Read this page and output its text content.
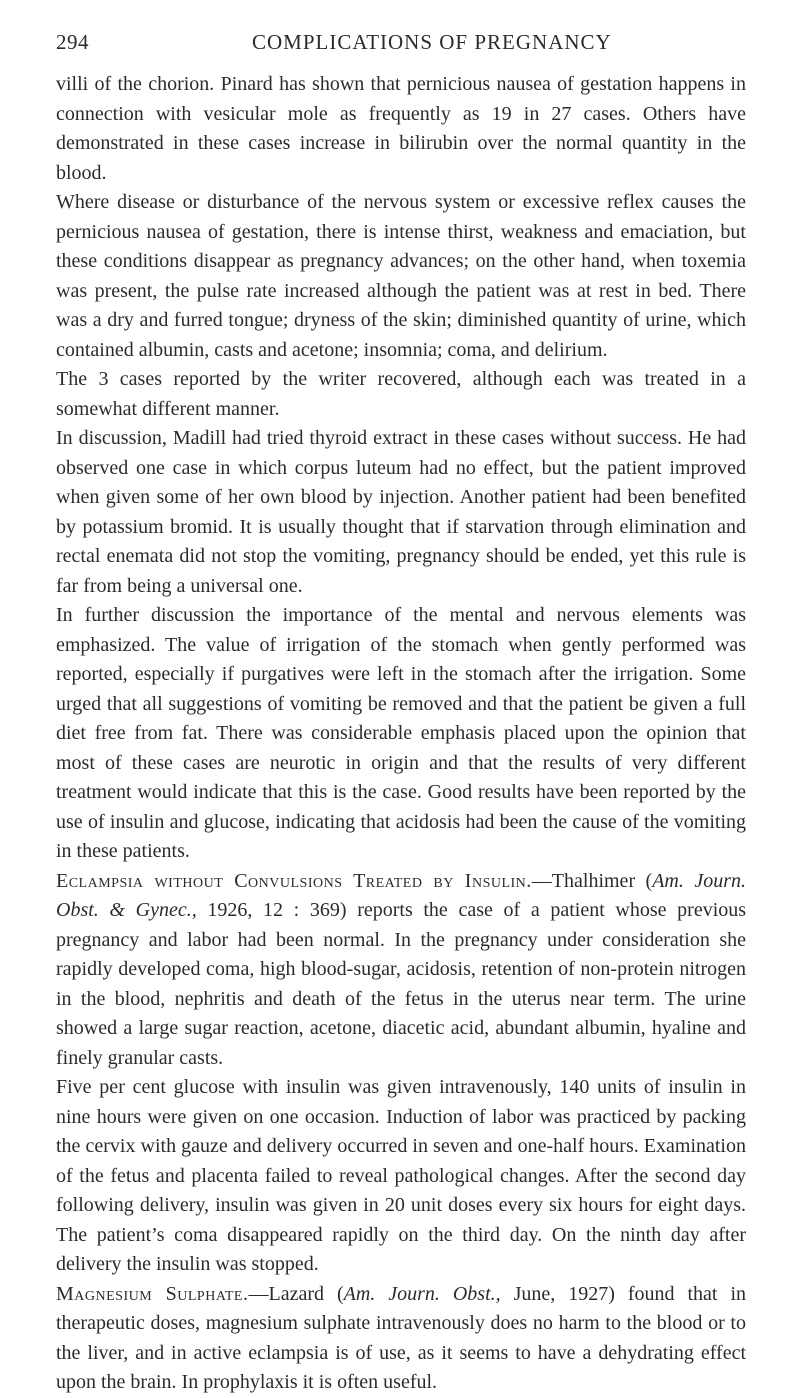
294	COMPLICATIONS OF PREGNANCY

villi of the chorion. Pinard has shown that pernicious nausea of gestation happens in connection with vesicular mole as frequently as 19 in 27 cases. Others have demonstrated in these cases increase in bilirubin over the normal quantity in the blood.

Where disease or disturbance of the nervous system or excessive reflex causes the pernicious nausea of gestation, there is intense thirst, weakness and emaciation, but these conditions disappear as pregnancy advances; on the other hand, when toxemia was present, the pulse rate increased although the patient was at rest in bed. There was a dry and furred tongue; dryness of the skin; diminished quantity of urine, which contained albumin, casts and acetone; insomnia; coma, and delirium.

The 3 cases reported by the writer recovered, although each was treated in a somewhat different manner.

In discussion, Madill had tried thyroid extract in these cases without success. He had observed one case in which corpus luteum had no effect, but the patient improved when given some of her own blood by injection. Another patient had been benefited by potassium bromid. It is usually thought that if starvation through elimination and rectal enemata did not stop the vomiting, pregnancy should be ended, yet this rule is far from being a universal one.

In further discussion the importance of the mental and nervous elements was emphasized. The value of irrigation of the stomach when gently performed was reported, especially if purgatives were left in the stomach after the irrigation. Some urged that all suggestions of vomiting be removed and that the patient be given a full diet free from fat. There was considerable emphasis placed upon the opinion that most of these cases are neurotic in origin and that the results of very different treatment would indicate that this is the case. Good results have been reported by the use of insulin and glucose, indicating that acidosis had been the cause of the vomiting in these patients.

Eclampsia without Convulsions Treated by Insulin.—Thalhimer (Am. Journ. Obst. & Gynec., 1926, 12 : 369) reports the case of a patient whose previous pregnancy and labor had been normal. In the pregnancy under consideration she rapidly developed coma, high blood-sugar, acidosis, retention of non-protein nitrogen in the blood, nephritis and death of the fetus in the uterus near term. The urine showed a large sugar reaction, acetone, diacetic acid, abundant albumin, hyaline and finely granular casts.

Five per cent glucose with insulin was given intravenously, 140 units of insulin in nine hours were given on one occasion. Induction of labor was practiced by packing the cervix with gauze and delivery occurred in seven and one-half hours. Examination of the fetus and placenta failed to reveal pathological changes. After the second day following delivery, insulin was given in 20 unit doses every six hours for eight days. The patient’s coma disappeared rapidly on the third day. On the ninth day after delivery the insulin was stopped.

Magnesium Sulphate.—Lazard (Am. Journ. Obst., June, 1927) found that in therapeutic doses, magnesium sulphate intravenously does no harm to the blood or to the liver, and in active eclampsia is of use, as it seems to have a dehydrating effect upon the brain. In prophylaxis it is often useful.
